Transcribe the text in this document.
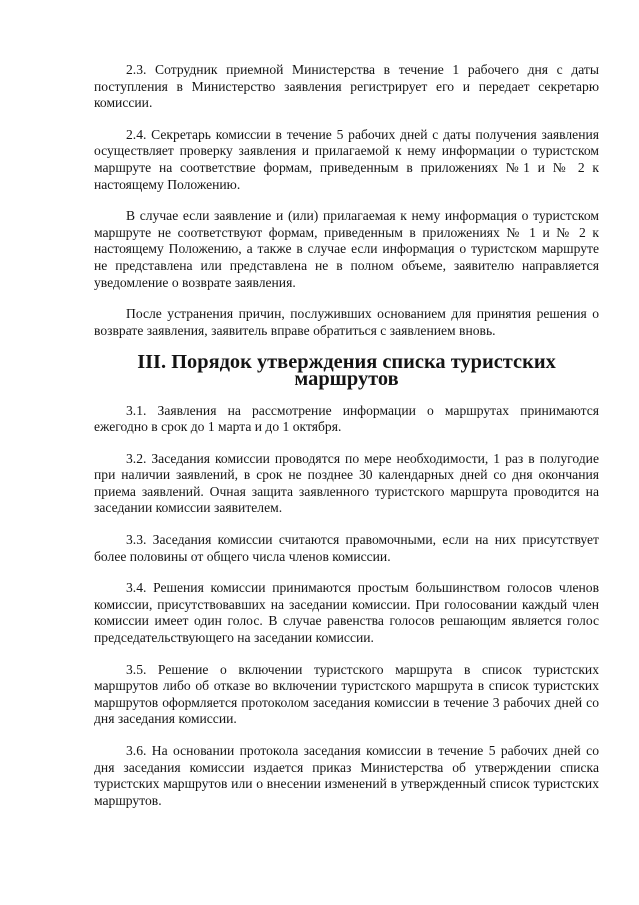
2.3. Сотрудник приемной Министерства в течение 1 рабочего дня с даты поступления в Министерство заявления регистрирует его и передает секретарю комиссии.

2.4. Секретарь комиссии в течение 5 рабочих дней с даты получения заявления осуществляет проверку заявления и прилагаемой к нему информации о туристском маршруте на соответствие формам, приведенным в приложениях №1 и № 2 к настоящему Положению.

В случае если заявление и (или) прилагаемая к нему информация о туристском маршруте не соответствуют формам, приведенным в приложениях № 1 и № 2 к настоящему Положению, а также в случае если информация о туристском маршруте не представлена или представлена не в полном объеме, заявителю направляется уведомление о возврате заявления.

После устранения причин, послуживших основанием для принятия решения о возврате заявления, заявитель вправе обратиться с заявлением вновь.

III. Порядок утверждения списка туристских маршрутов

3.1. Заявления на рассмотрение информации о маршрутах принимаются ежегодно в срок до 1 марта и до 1 октября.

3.2. Заседания комиссии проводятся по мере необходимости, 1 раз в полугодие при наличии заявлений, в срок не позднее 30 календарных дней со дня окончания приема заявлений. Очная защита заявленного туристского маршрута проводится на заседании комиссии заявителем.

3.3. Заседания комиссии считаются правомочными, если на них присутствует более половины от общего числа членов комиссии.

3.4. Решения комиссии принимаются простым большинством голосов членов комиссии, присутствовавших на заседании комиссии. При голосовании каждый член комиссии имеет один голос. В случае равенства голосов решающим является голос председательствующего на заседании комиссии.

3.5. Решение о включении туристского маршрута в список туристских маршрутов либо об отказе во включении туристского маршрута в список туристских маршрутов оформляется протоколом заседания комиссии в течение 3 рабочих дней со дня заседания комиссии.

3.6. На основании протокола заседания комиссии в течение 5 рабочих дней со дня заседания комиссии издается приказ Министерства об утверждении списка туристских маршрутов или о внесении изменений в утвержденный список туристских маршрутов.
